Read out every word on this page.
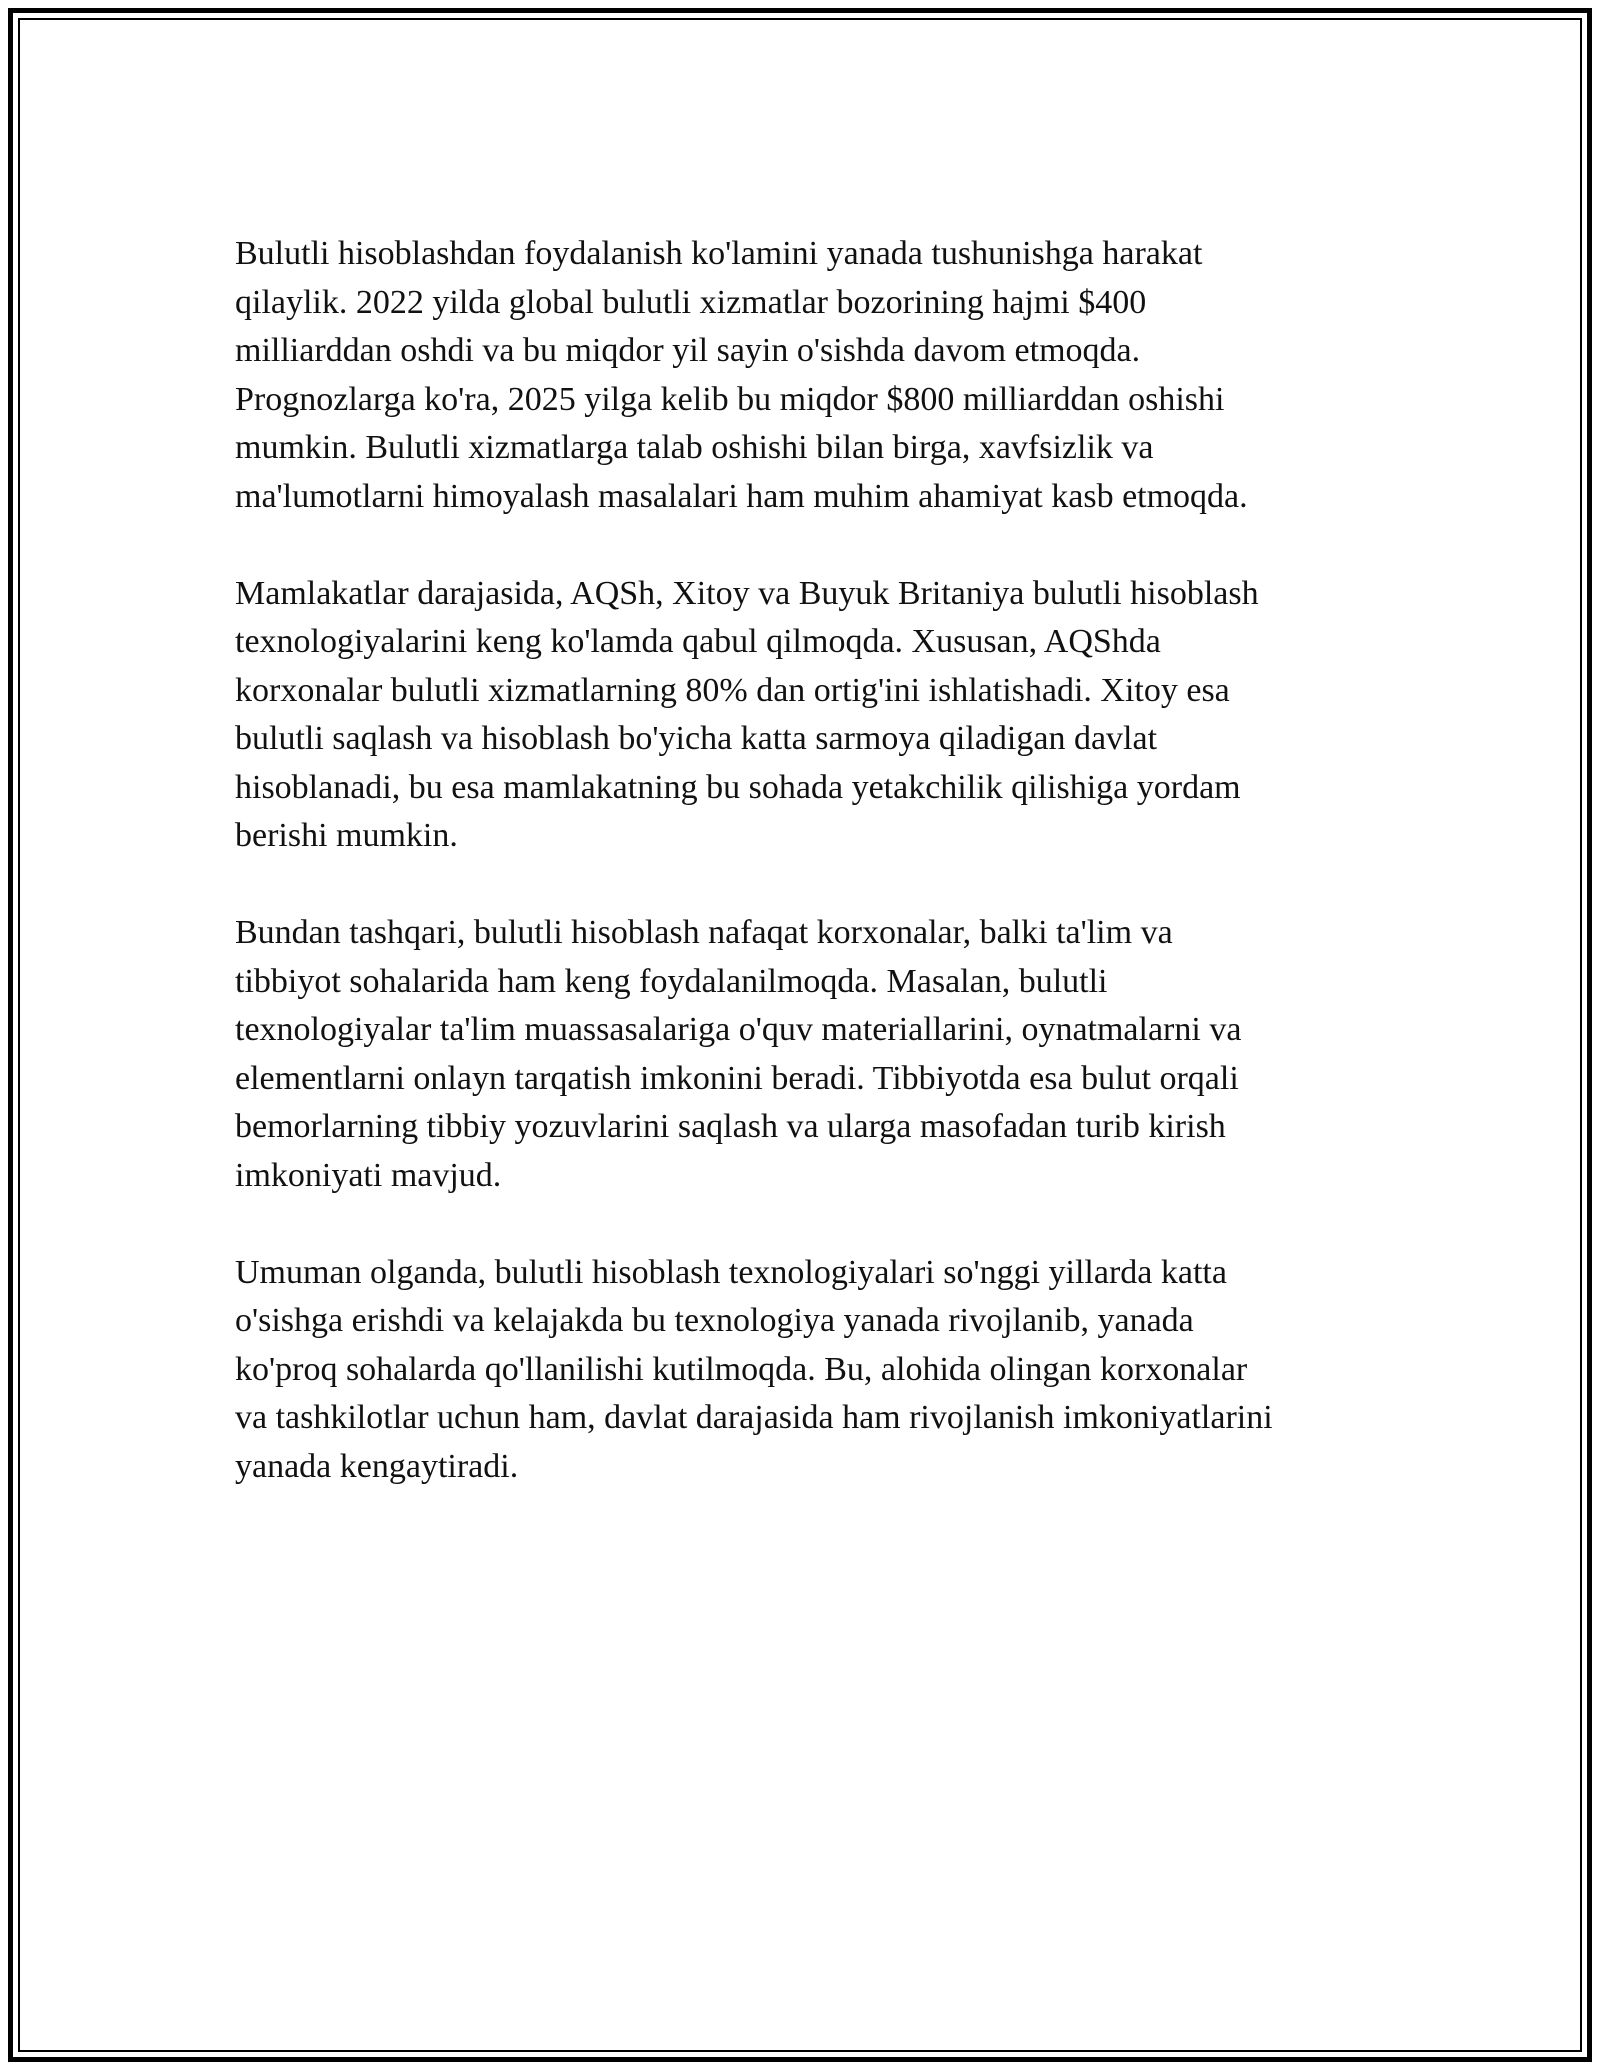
Bulutli hisoblashdan foydalanish ko'lamini yanada tushunishga harakat
qilaylik. 2022 yilda global bulutli xizmatlar bozorining hajmi $400
milliarddan oshdi va bu miqdor yil sayin o'sishda davom etmoqda.
Prognozlarga ko'ra, 2025 yilga kelib bu miqdor $800 milliarddan oshishi
mumkin. Bulutli xizmatlarga talab oshishi bilan birga, xavfsizlik va
ma'lumotlarni himoyalash masalalari ham muhim ahamiyat kasb etmoqda.

Mamlakatlar darajasida, AQSh, Xitoy va Buyuk Britaniya bulutli hisoblash
texnologiyalarini keng ko'lamda qabul qilmoqda. Xususan, AQShda
korxonalar bulutli xizmatlarning 80% dan ortig'ini ishlatishadi. Xitoy esa
bulutli saqlash va hisoblash bo'yicha katta sarmoya qiladigan davlat
hisoblanadi, bu esa mamlakatning bu sohada yetakchilik qilishiga yordam
berishi mumkin.

Bundan tashqari, bulutli hisoblash nafaqat korxonalar, balki ta'lim va
tibbiyot sohalarida ham keng foydalanilmoqda. Masalan, bulutli
texnologiyalar ta'lim muassasalariga o'quv materiallarini, oynatmalarni va
elementlarni onlayn tarqatish imkonini beradi. Tibbiyotda esa bulut orqali
bemorlarning tibbiy yozuvlarini saqlash va ularga masofadan turib kirish
imkoniyati mavjud.

Umuman olganda, bulutli hisoblash texnologiyalari so'nggi yillarda katta
o'sishga erishdi va kelajakda bu texnologiya yanada rivojlanib, yanada
ko'proq sohalarda qo'llanilishi kutilmoqda. Bu, alohida olingan korxonalar
va tashkilotlar uchun ham, davlat darajasida ham rivojlanish imkoniyatlarini
yanada kengaytiradi.
